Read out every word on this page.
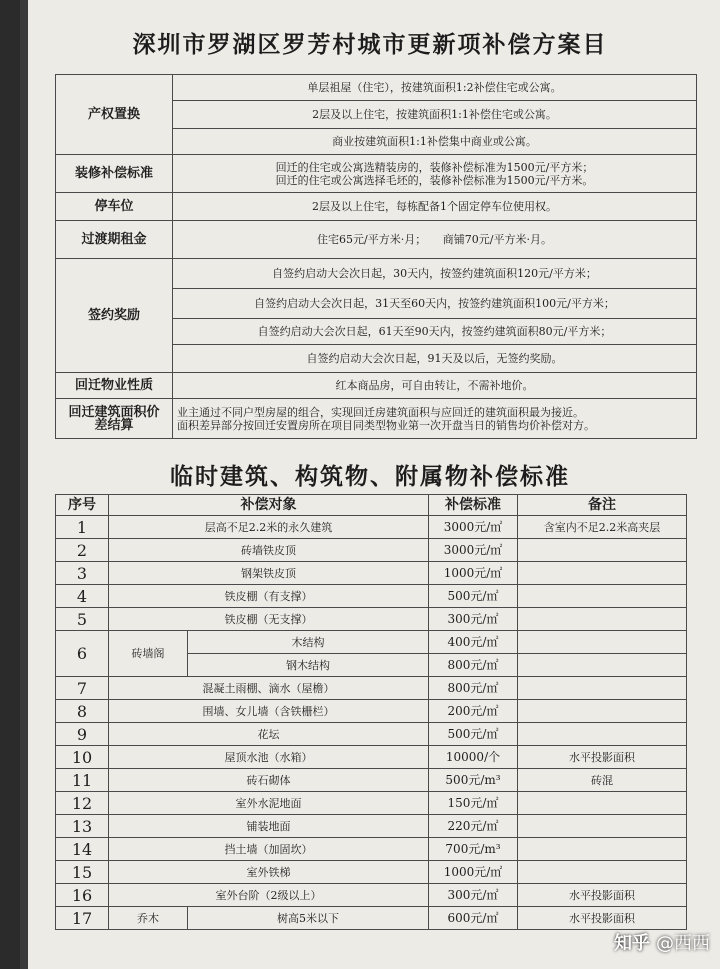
深圳市罗湖区罗芳村城市更新项补偿方案目
产权置换	单层祖屋（住宅），按建筑面积1:2补偿住宅或公寓。
	2层及以上住宅，按建筑面积1:1补偿住宅或公寓。
	商业按建筑面积1:1补偿集中商业或公寓。
装修补偿标准	回迁的住宅或公寓选精装房的，装修补偿标准为1500元/平方米；
回迁的住宅或公寓选择毛坯的，装修补偿标准为1500元/平方米。
停车位	2层及以上住宅，每栋配备1个固定停车位使用权。
过渡期租金	住宅65元/平方米·月；　　商铺70元/平方米·月。
签约奖励	自签约启动大会次日起，30天内，按签约建筑面积120元/平方米；
	自签约启动大会次日起，31天至60天内，按签约建筑面积100元/平方米；
	自签约启动大会次日起，61天至90天内，按签约建筑面积80元/平方米；
	自签约启动大会次日起，91天及以后，无签约奖励。
回迁物业性质	红本商品房，可自由转让，不需补地价。
回迁建筑面积价
差结算	业主通过不同户型房屋的组合，实现回迁房建筑面积与应回迁的建筑面积最为接近。
面积差异部分按回迁安置房所在项目同类型物业第一次开盘当日的销售均价补偿对方。
临时建筑、构筑物、附属物补偿标准
序号	补偿对象		补偿标准	备注
1	层高不足2.2米的永久建筑		3000元/㎡	含室内不足2.2米高夹层
2	砖墙铁皮顶		3000元/㎡	
3	钢架铁皮顶		1000元/㎡	
4	铁皮棚（有支撑）		500元/㎡	
5	铁皮棚（无支撑）		300元/㎡	
6	砖墙阁	木结构	400元/㎡	
		钢木结构	800元/㎡	
7	混凝土雨棚、滴水（屋檐）		800元/㎡	
8	围墙、女儿墙（含铁栅栏）		200元/㎡	
9	花坛		500元/㎡	
10	屋顶水池（水箱）		10000/个	水平投影面积
11	砖石砌体		500元/m³	砖混
12	室外水泥地面		150元/㎡	
13	铺装地面		220元/㎡	
14	挡土墙（加固坎）		700元/m³	
15	室外铁梯		1000元/㎡	
16	室外台阶（2级以上）		300元/㎡	水平投影面积
17	乔木	树高5米以下	600元/㎡	水平投影面积
知乎 @西西
